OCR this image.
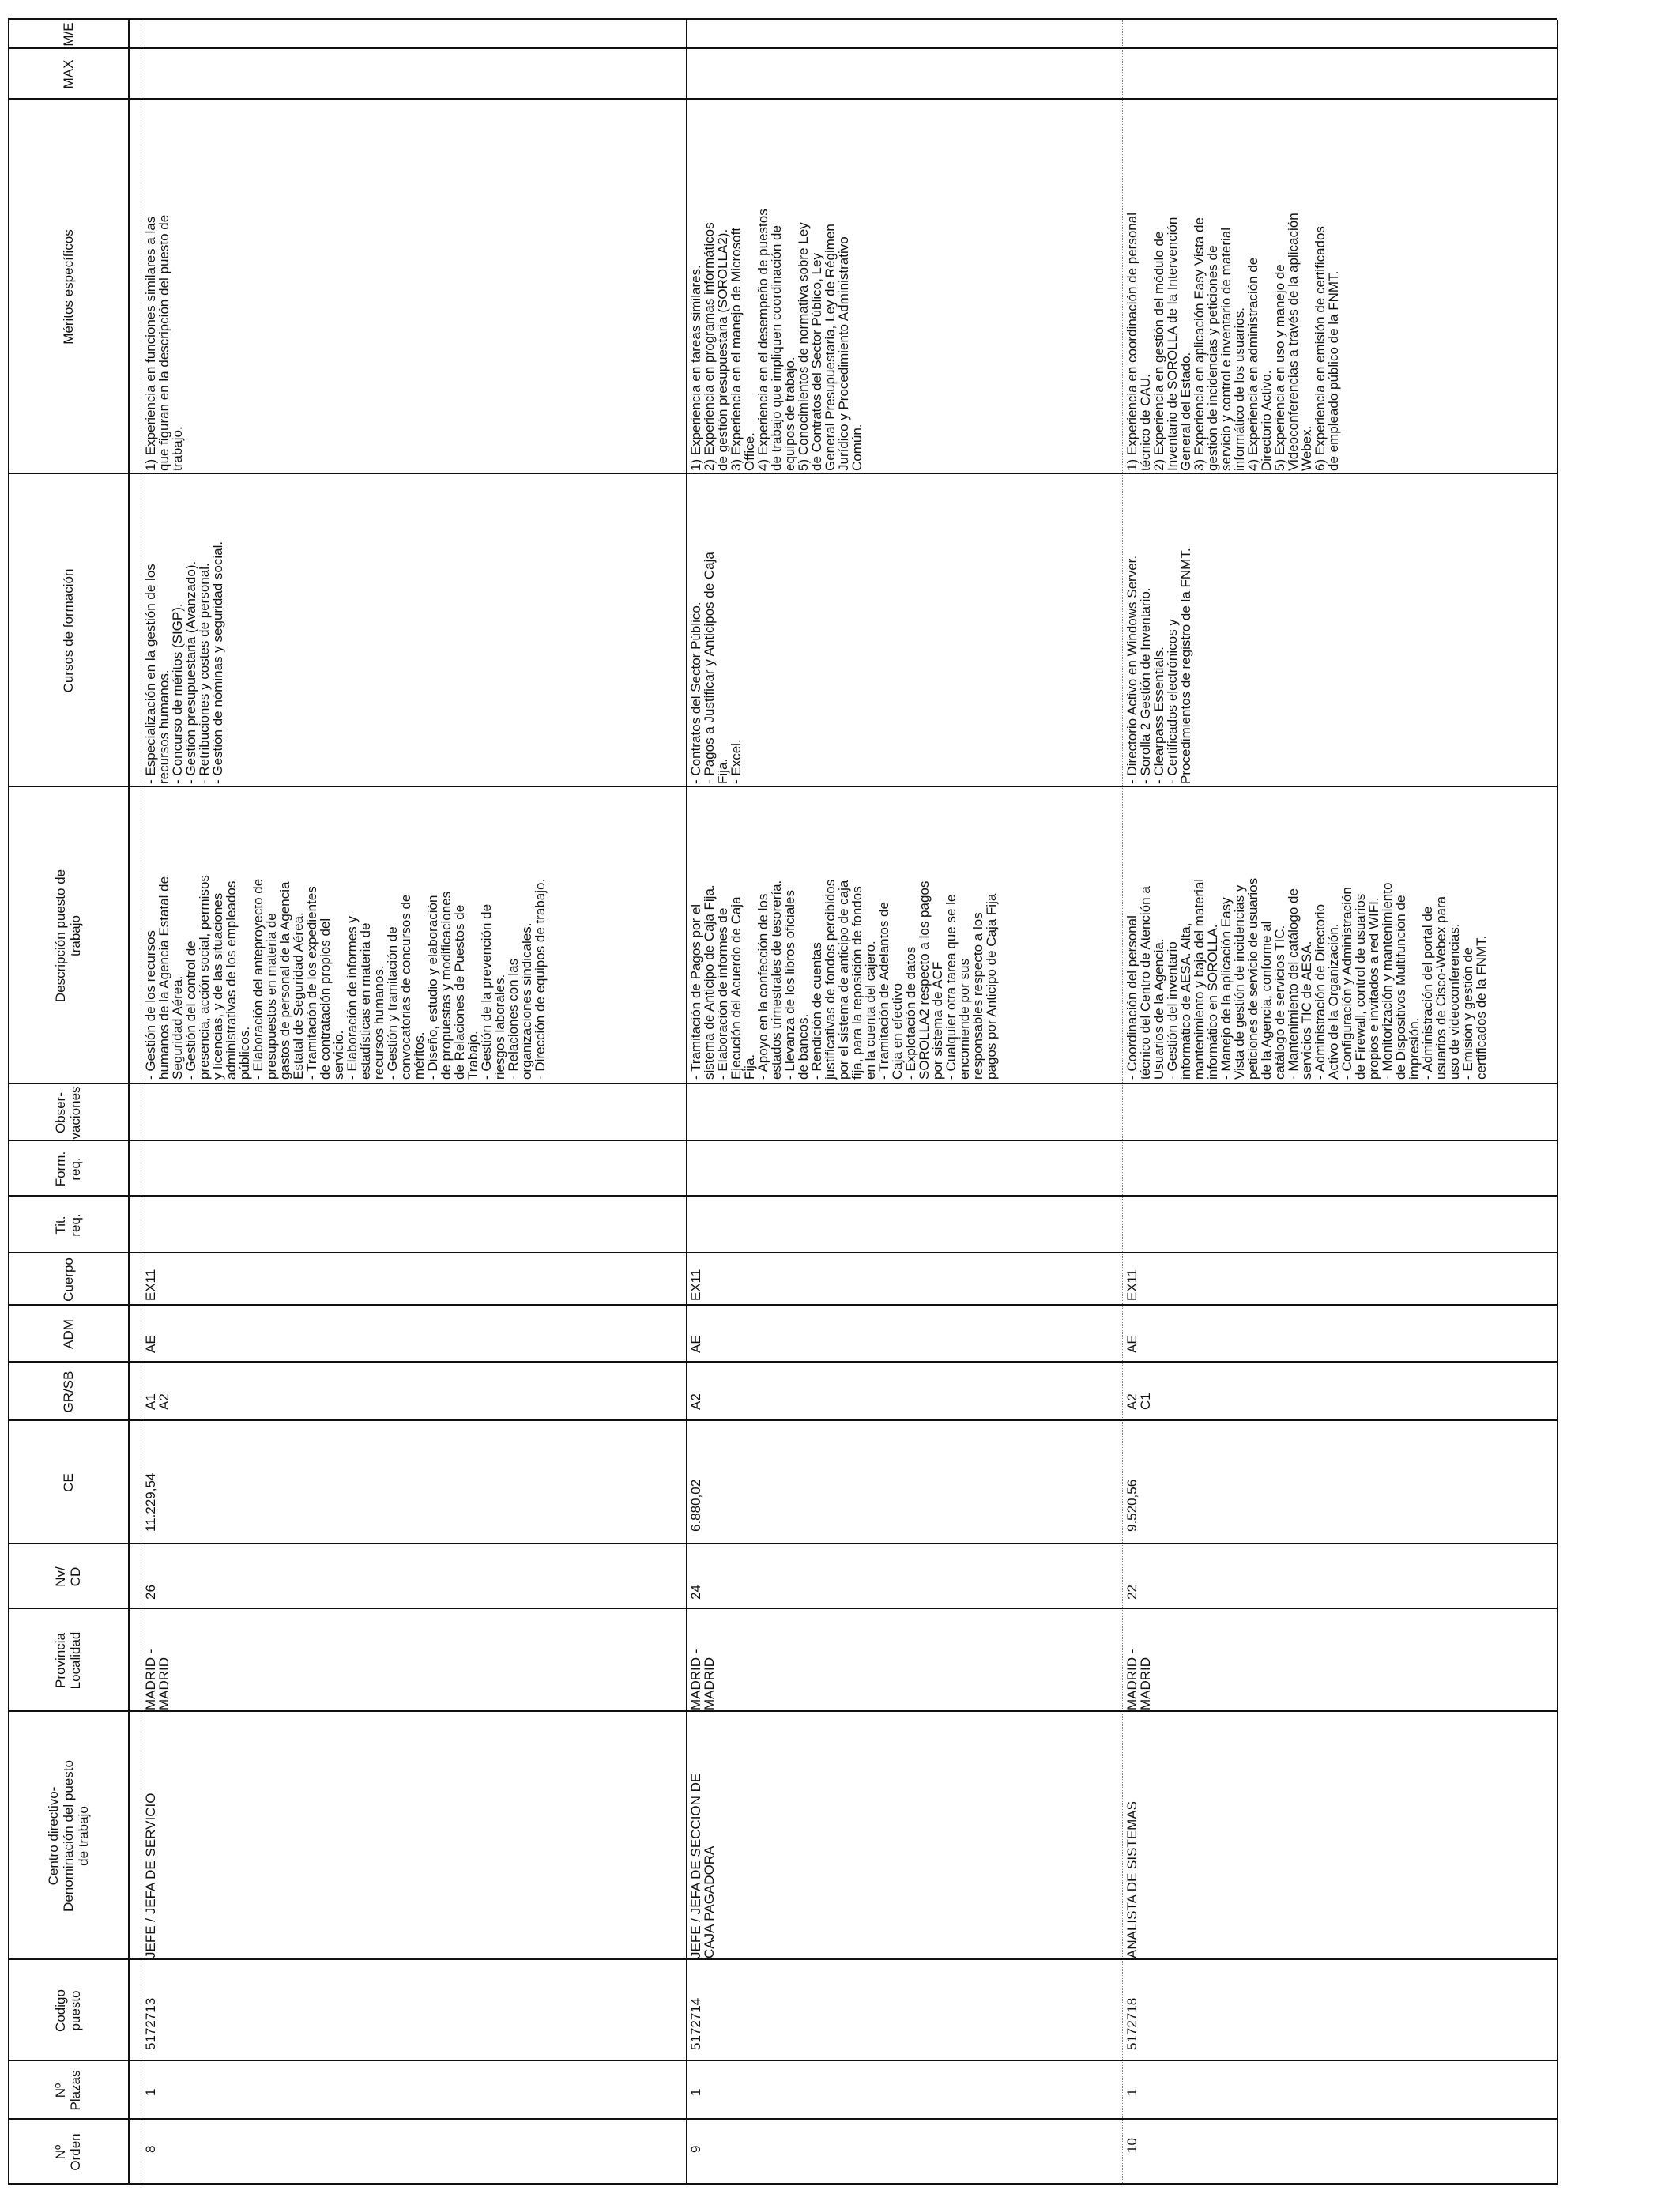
Nº
Orden
Nº
Plazas
Codigo
puesto
Centro directivo-
Denominación del puesto
de trabajo
Provincia
Localidad
Nv/
CD
CE
GR/SB
ADM
Cuerpo
Tit.
req.
Form.
req.
Obser-
vaciones
Descripción puesto de
trabajo
Cursos de formación
Méritos específicos
MAX
M/E
8
1
5172713
JEFE / JEFA DE SERVICIO
MADRID -
MADRID
26
11.229,54
A1
A2
AE
EX11
- Gestión de los recursos
humanos de la Agencia Estatal de
Seguridad Aérea.
- Gestión del control de
presencia, acción social, permisos
y licencias, y de las situaciones
administrativas de los empleados
públicos.
- Elaboración del anteproyecto de
presupuestos en materia de
gastos de personal de la Agencia
Estatal de Seguridad Aérea.
- Tramitación de los expedientes
de contratación propios del
servicio.
- Elaboración de informes y
estadísticas en materia de
recursos humanos.
- Gestión y tramitación de
convocatorias de concursos de
méritos.
- Diseño, estudio y elaboración
de propuestas y modificaciones
de Relaciones de Puestos de
Trabajo.
- Gestión de la prevención de
riesgos laborales.
- Relaciones con las
organizaciones sindicales.
- Dirección de equipos de trabajo.
- Especialización en la gestión de los
recursos humanos.
- Concurso de méritos (SIGP).
- Gestión presupuestaria (Avanzado).
- Retribuciones y costes de personal.
- Gestión de nóminas y seguridad social.
1) Experiencia en funciones similares a las
que figuran en la descripción del puesto de
trabajo.
9
1
5172714
JEFE / JEFA DE SECCION DE
CAJA PAGADORA
MADRID -
MADRID
24
6.880,02
A2
AE
EX11
- Tramitación de Pagos por el
sistema de Anticipo de Caja Fija.
- Elaboración de informes de
Ejecución del Acuerdo de Caja
Fija.
- Apoyo en la confección de los
estados trimestrales de tesorería.
- Llevanza de los libros oficiales
de bancos.
- Rendición de cuentas
justificativas de fondos percibidos
por el sistema de anticipo de caja
fija, para la reposición de fondos
en la cuenta del cajero.
- Tramitación de Adelantos de
Caja en efectivo
- Explotación de datos
SOROLLA2 respecto a los pagos
por sistema de ACF
- Cualquier otra tarea que se le
encomiende por sus
responsables respecto a los
pagos por Anticipo de Caja Fija
- Contratos del Sector Público.
- Pagos a Justificar y Anticipos de Caja
Fija.
- Excel.
1) Experiencia en tareas similares.
2) Experiencia en programas informáticos
de gestión presupuestaria (SOROLLA2).
3) Experiencia en el manejo de Microsoft
Office.
4) Experiencia en el desempeño de puestos
de trabajo que impliquen coordinación de
equipos de trabajo.
5) Conocimientos de normativa sobre Ley
de Contratos del Sector Público, Ley
General Presupuestaria, Ley de Régimen
Jurídico y Procedimiento Administrativo
Común.
10
1
5172718
ANALISTA DE SISTEMAS
MADRID -
MADRID
22
9.520,56
A2
C1
AE
EX11
- Coordinación del personal
técnico del Centro de Atención a
Usuarios de la Agencia.
- Gestión del inventario
informático de AESA. Alta,
mantenimiento y baja del material
informático en SOROLLA.
- Manejo de la aplicación Easy
Vista de gestión de incidencias y
peticiones de servicio de usuarios
de la Agencia, conforme al
catálogo de servicios TIC.
- Mantenimiento del catálogo de
servicios TIC de AESA.
- Administración de Directorio
Activo de la Organización.
- Configuración y Administración
de Firewall, control de usuarios
propios e invitados a red WIFI.
- Monitorización y mantenimiento
de Dispositivos Multifunción de
impresión.
- Administración del portal de
usuarios de Cisco-Webex para
uso de videoconferencias.
- Emisión y gestión de
certificados de la FNMT.
- Directorio Activo en Windows Server.
- Sorolla 2 Gestión de Inventario.
- Clearpass Essentials.
- Certificados electrónicos y
Procedimientos de registro de la FNMT.
1) Experiencia en coordinación de personal
técnico de CAU.
2) Experiencia en gestión del módulo de
Inventario de SOROLLA de la Intervención
General del Estado.
3) Experiencia en aplicación Easy Vista de
gestión de incidencias y peticiones de
servicio y control e inventario de material
informático de los usuarios.
4) Experiencia en administración de
Directorio Activo.
5) Experiencia en uso y manejo de
Videoconferencias a través de la aplicación
Webex.
6) Experiencia en emisión de certificados
de empleado público de la FNMT.
